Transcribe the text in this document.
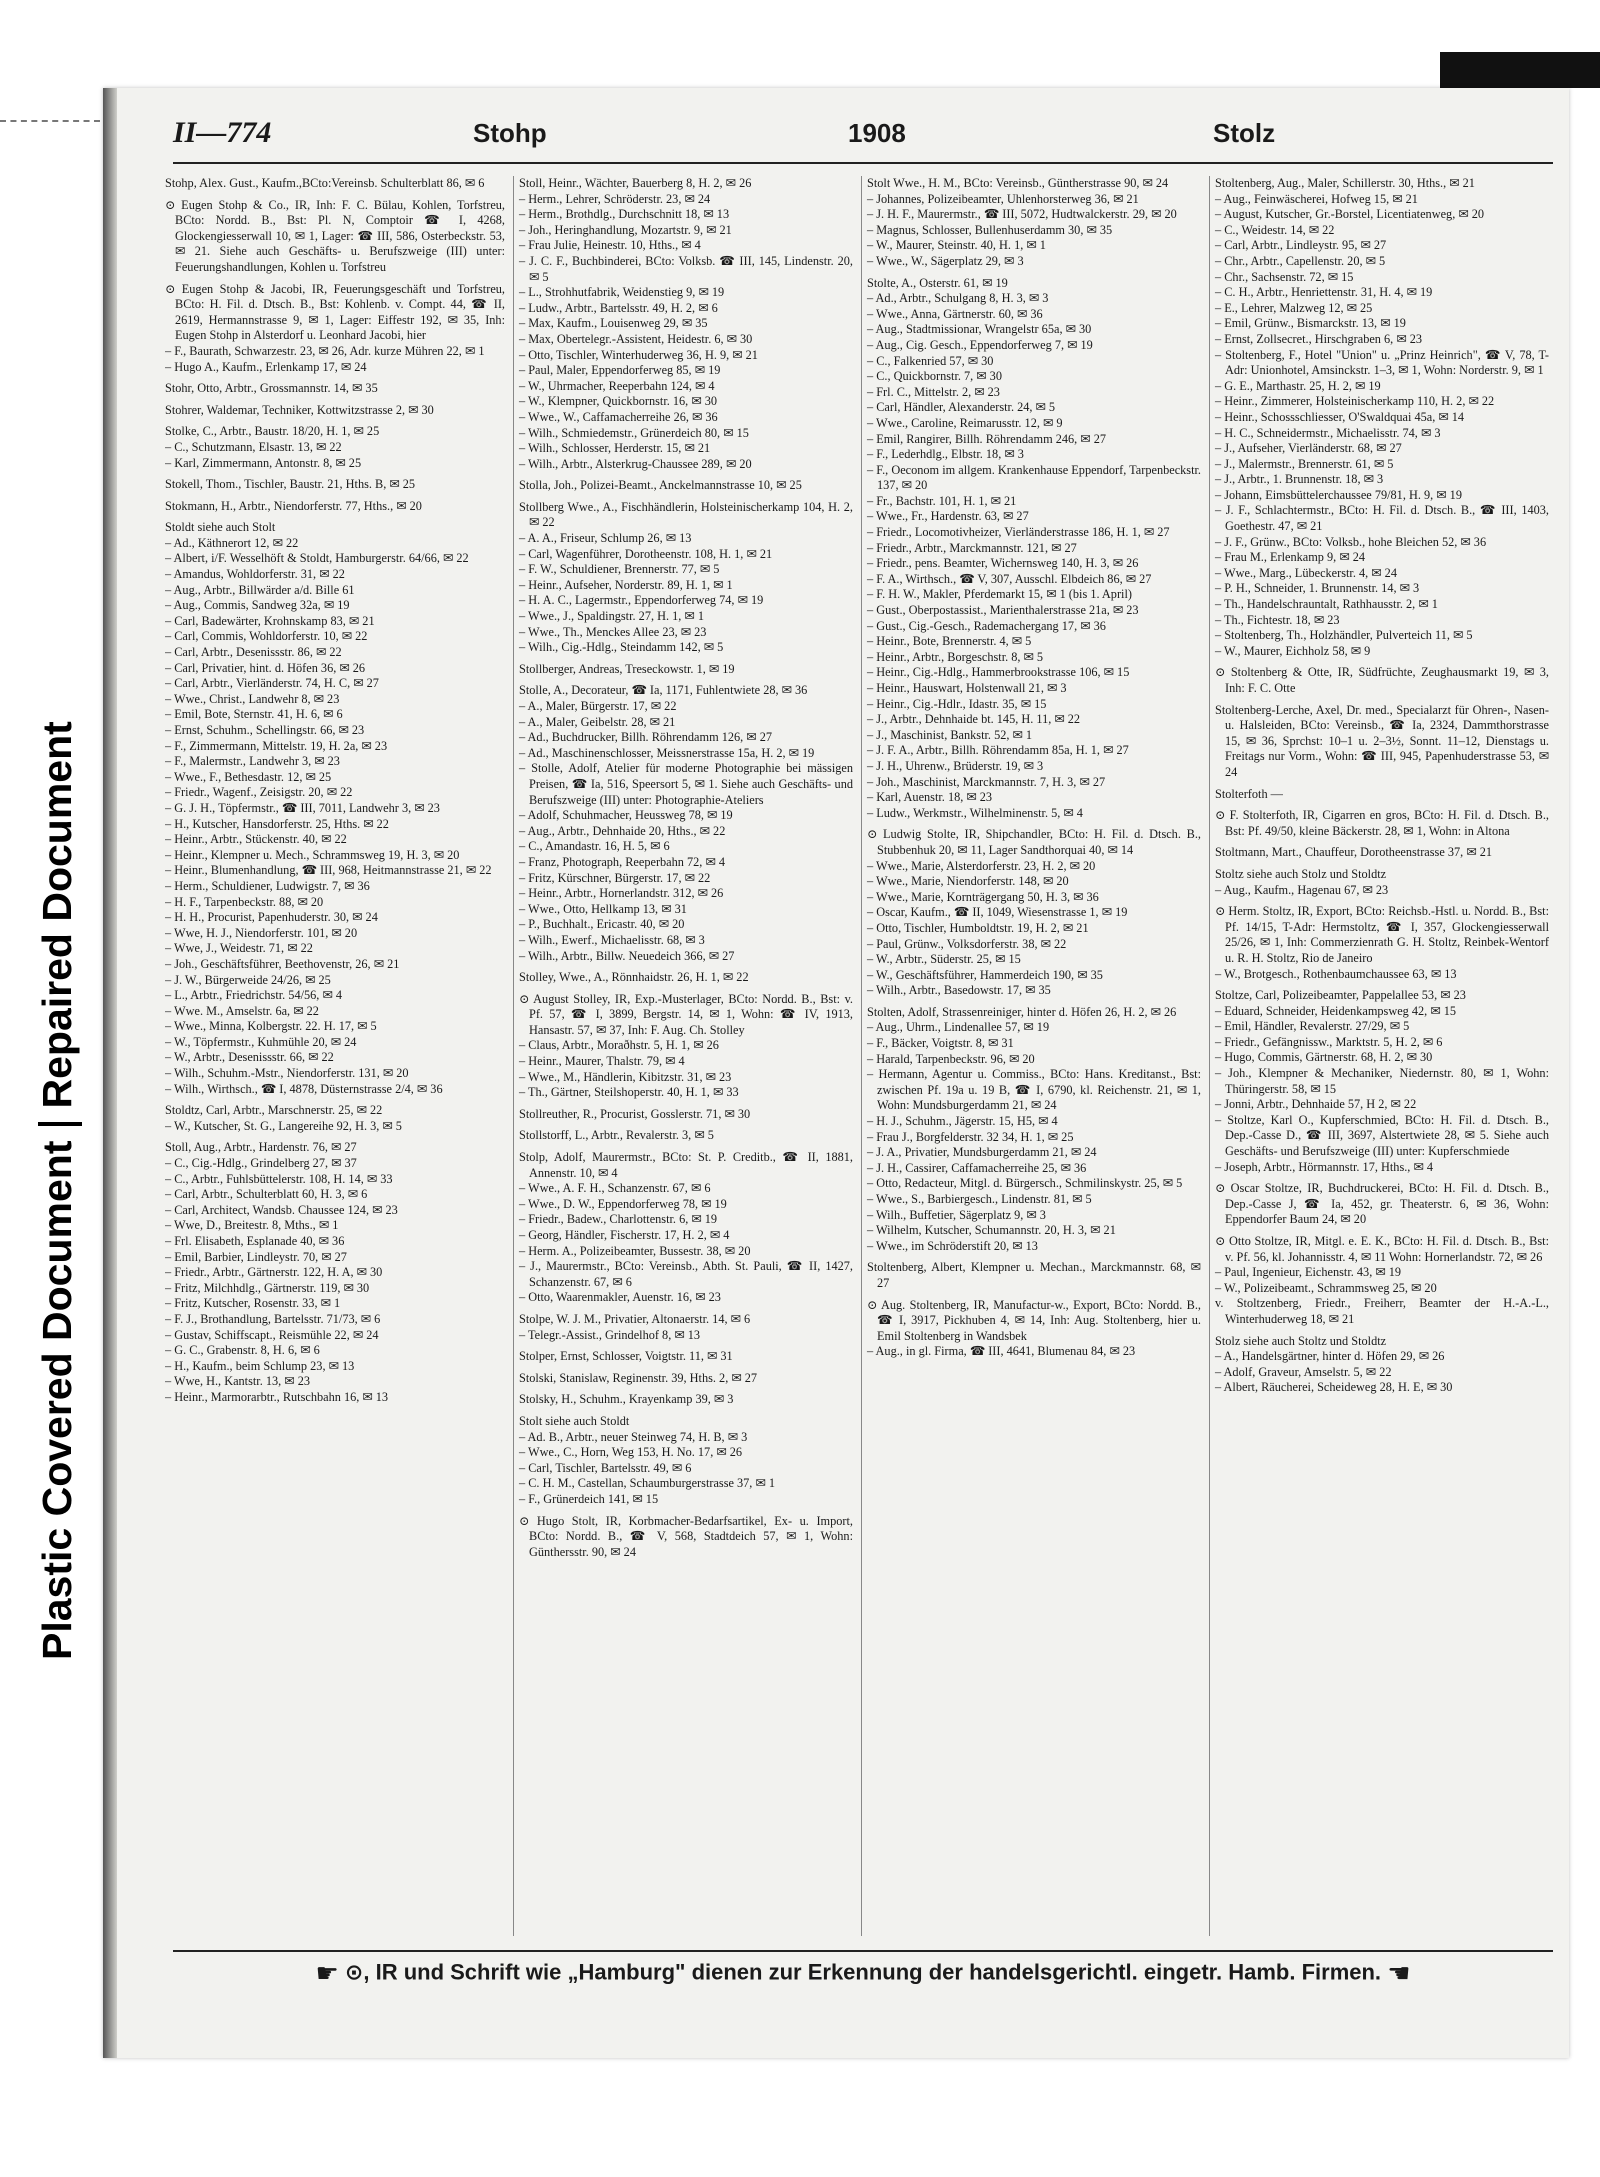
Plastic Covered DocumentRepaired Document
II—774	Stohp	1908	Stolz

Stohp, Alex. Gust., Kaufm.,BCto:Vereinsb. Schulterblatt 86, ✉ 6

⊙ Eugen Stohp & Co., IR, Inh: F. C. Bülau, Kohlen, Torfstreu, BCto: Nordd. B., Bst: Pl. N, Comptoir ☎ I, 4268, Glockengiesserwall 10, ✉ 1, Lager: ☎ III, 586, Osterbeckstr. 53, ✉ 21. Siehe auch Geschäfts- u. Berufszweige (III) unter: Feuerungshandlungen, Kohlen u. Torfstreu

⊙ Eugen Stohp & Jacobi, IR, Feuerungsgeschäft und Torfstreu, BCto: H. Fil. d. Dtsch. B., Bst: Kohlenb. v. Compt. 44, ☎ II, 2619, Hermannstrasse 9, ✉ 1, Lager: Eiffestr 192, ✉ 35, Inh: Eugen Stohp in Alsterdorf u. Leonhard Jacobi, hier

– F., Baurath, Schwarzestr. 23, ✉ 26, Adr. kurze Mühren 22, ✉ 1

– Hugo A., Kaufm., Erlenkamp 17, ✉ 24

Stohr, Otto, Arbtr., Grossmannstr. 14, ✉ 35

Stohrer, Waldemar, Techniker, Kottwitzstrasse 2, ✉ 30

Stolke, C., Arbtr., Baustr. 18/20, H. 1, ✉ 25

– C., Schutzmann, Elsastr. 13, ✉ 22

– Karl, Zimmermann, Antonstr. 8, ✉ 25

Stokell, Thom., Tischler, Baustr. 21, Hths. B, ✉ 25

Stokmann, H., Arbtr., Niendorferstr. 77, Hths., ✉ 20

Stoldt siehe auch Stolt

– Ad., Käthnerort 12, ✉ 22

– Albert, i/F. Wesselhöft & Stoldt, Hamburgerstr. 64/66, ✉ 22

– Amandus, Wohldorferstr. 31, ✉ 22

– Aug., Arbtr., Billwärder a/d. Bille 61

– Aug., Commis, Sandweg 32a, ✉ 19

– Carl, Badewärter, Krohnskamp 83, ✉ 21

– Carl, Commis, Wohldorferstr. 10, ✉ 22

– Carl, Arbtr., Desenissstr. 86, ✉ 22

– Carl, Privatier, hint. d. Höfen 36, ✉ 26

– Carl, Arbtr., Vierländerstr. 74, H. C, ✉ 27

– Wwe., Christ., Landwehr 8, ✉ 23

– Emil, Bote, Sternstr. 41, H. 6, ✉ 6

– Ernst, Schuhm., Schellingstr. 66, ✉ 23

– F., Zimmermann, Mittelstr. 19, H. 2a, ✉ 23

– F., Malermstr., Landwehr 3, ✉ 23

– Wwe., F., Bethesdastr. 12, ✉ 25

– Friedr., Wagenf., Zeisigstr. 20, ✉ 22

– G. J. H., Töpfermstr., ☎ III, 7011, Landwehr 3, ✉ 23

– H., Kutscher, Hansdorferstr. 25, Hths. ✉ 22

– Heinr., Arbtr., Stückenstr. 40, ✉ 22

– Heinr., Klempner u. Mech., Schrammsweg 19, H. 3, ✉ 20

– Heinr., Blumenhandlung, ☎ III, 968, Heitmannstrasse 21, ✉ 22

– Herm., Schuldiener, Ludwigstr. 7, ✉ 36

– H. F., Tarpenbeckstr. 88, ✉ 20

– H. H., Procurist, Papenhuderstr. 30, ✉ 24

– Wwe, H. J., Niendorferstr. 101, ✉ 20

– Wwe, J., Weidestr. 71, ✉ 22

– Joh., Geschäftsführer, Beethovenstr, 26, ✉ 21

– J. W., Bürgerweide 24/26, ✉ 25

– L., Arbtr., Friedrichstr. 54/56, ✉ 4

– Wwe. M., Amselstr. 6a, ✉ 22

– Wwe., Minna, Kolbergstr. 22. H. 17, ✉ 5

– W., Töpfermstr., Kuhmühle 20, ✉ 24

– W., Arbtr., Desenissstr. 66, ✉ 22

– Wilh., Schuhm.-Mstr., Niendorferstr. 131, ✉ 20

– Wilh., Wirthsch., ☎ I, 4878, Düsternstrasse 2/4, ✉ 36

Stoldtz, Carl, Arbtr., Marschnerstr. 25, ✉ 22

– W., Kutscher, St. G., Langereihe 92, H. 3, ✉ 5

Stoll, Aug., Arbtr., Hardenstr. 76, ✉ 27

– C., Cig.-Hdlg., Grindelberg 27, ✉ 37

– C., Arbtr., Fuhlsbüttelerstr. 108, H. 14, ✉ 33

– Carl, Arbtr., Schulterblatt 60, H. 3, ✉ 6

– Carl, Architect, Wandsb. Chaussee 124, ✉ 23

– Wwe, D., Breitestr. 8, Mths., ✉ 1

– Frl. Elisabeth, Esplanade 40, ✉ 36

– Emil, Barbier, Lindleystr. 70, ✉ 27

– Friedr., Arbtr., Gärtnerstr. 122, H. A, ✉ 30

– Fritz, Milchhdlg., Gärtnerstr. 119, ✉ 30

– Fritz, Kutscher, Rosenstr. 33, ✉ 1

– F. J., Brothandlung, Bartelsstr. 71/73, ✉ 6

– Gustav, Schiffscapt., Reismühle 22, ✉ 24

– G. C., Grabenstr. 8, H. 6, ✉ 6

– H., Kaufm., beim Schlump 23, ✉ 13

– Wwe, H., Kantstr. 13, ✉ 23

– Heinr., Marmorarbtr., Rutschbahn 16, ✉ 13

Stoll, Heinr., Wächter, Bauerberg 8, H. 2, ✉ 26

– Herm., Lehrer, Schröderstr. 23, ✉ 24

– Herm., Brothdlg., Durchschnitt 18, ✉ 13

– Joh., Heringhandlung, Mozartstr. 9, ✉ 21

– Frau Julie, Heinestr. 10, Hths., ✉ 4

– J. C. F., Buchbinderei, BCto: Volksb. ☎ III, 145, Lindenstr. 20, ✉ 5

– L., Strohhutfabrik, Weidenstieg 9, ✉ 19

– Ludw., Arbtr., Bartelsstr. 49, H. 2, ✉ 6

– Max, Kaufm., Louisenweg 29, ✉ 35

– Max, Obertelegr.-Assistent, Heidestr. 6, ✉ 30

– Otto, Tischler, Winterhuderweg 36, H. 9, ✉ 21

– Paul, Maler, Eppendorferweg 85, ✉ 19

– W., Uhrmacher, Reeperbahn 124, ✉ 4

– W., Klempner, Quickbornstr. 16, ✉ 30

– Wwe., W., Caffamacherreihe 26, ✉ 36

– Wilh., Schmiedemstr., Grünerdeich 80, ✉ 15

– Wilh., Schlosser, Herderstr. 15, ✉ 21

– Wilh., Arbtr., Alsterkrug-Chaussee 289, ✉ 20

Stolla, Joh., Polizei-Beamt., Anckelmannstrasse 10, ✉ 25

Stollberg Wwe., A., Fischhändlerin, Holsteinischerkamp 104, H. 2, ✉ 22

– A. A., Friseur, Schlump 26, ✉ 13

– Carl, Wagenführer, Dorotheenstr. 108, H. 1, ✉ 21

– F. W., Schuldiener, Brennerstr. 77, ✉ 5

– Heinr., Aufseher, Norderstr. 89, H. 1, ✉ 1

– H. A. C., Lagermstr., Eppendorferweg 74, ✉ 19

– Wwe., J., Spaldingstr. 27, H. 1, ✉ 1

– Wwe., Th., Menckes Allee 23, ✉ 23

– Wilh., Cig.-Hdlg., Steindamm 142, ✉ 5

Stollberger, Andreas, Treseckowstr. 1, ✉ 19

Stolle, A., Decorateur, ☎ Ia, 1171, Fuhlentwiete 28, ✉ 36

– A., Maler, Bürgerstr. 17, ✉ 22

– A., Maler, Geibelstr. 28, ✉ 21

– Ad., Buchdrucker, Billh. Röhrendamm 126, ✉ 27

– Ad., Maschinenschlosser, Meissnerstrasse 15a, H. 2, ✉ 19

– Stolle, Adolf, Atelier für moderne Photographie bei mässigen Preisen, ☎ Ia, 516, Speersort 5, ✉ 1. Siehe auch Geschäfts- und Berufszweige (III) unter: Photographie-Ateliers

– Adolf, Schuhmacher, Heussweg 78, ✉ 19

– Aug., Arbtr., Dehnhaide 20, Hths., ✉ 22

– C., Amandastr. 16, H. 5, ✉ 6

– Franz, Photograph, Reeperbahn 72, ✉ 4

– Fritz, Kürschner, Bürgerstr. 17, ✉ 22

– Heinr., Arbtr., Hornerlandstr. 312, ✉ 26

– Wwe., Otto, Hellkamp 13, ✉ 31

– P., Buchhalt., Ericastr. 40, ✉ 20

– Wilh., Ewerf., Michaelisstr. 68, ✉ 3

– Wilh., Arbtr., Billw. Neuedeich 366, ✉ 27

Stolley, Wwe., A., Rönnhaidstr. 26, H. 1, ✉ 22

⊙ August Stolley, IR, Exp.-Musterlager, BCto: Nordd. B., Bst: v. Pf. 57, ☎ I, 3899, Bergstr. 14, ✉ 1, Wohn: ☎ IV, 1913, Hansastr. 57, ✉ 37, Inh: F. Aug. Ch. Stolley

– Claus, Arbtr., Moraðhstr. 5, H. 1, ✉ 26

– Heinr., Maurer, Thalstr. 79, ✉ 4

– Wwe., M., Händlerin, Kibitzstr. 31, ✉ 23

– Th., Gärtner, Steilshoperstr. 40, H. 1, ✉ 33

Stollreuther, R., Procurist, Gosslerstr. 71, ✉ 30

Stollstorff, L., Arbtr., Revalerstr. 3, ✉ 5

Stolp, Adolf, Maurermstr., BCto: St. P. Creditb., ☎ II, 1881, Annenstr. 10, ✉ 4

– Wwe., A. F. H., Schanzenstr. 67, ✉ 6

– Wwe., D. W., Eppendorferweg 78, ✉ 19

– Friedr., Badew., Charlottenstr. 6, ✉ 19

– Georg, Händler, Fischerstr. 17, H. 2, ✉ 4

– Herm. A., Polizeibeamter, Bussestr. 38, ✉ 20

– J., Maurermstr., BCto: Vereinsb., Abth. St. Pauli, ☎ II, 1427, Schanzenstr. 67, ✉ 6

– Otto, Waarenmakler, Auenstr. 16, ✉ 23

Stolpe, W. J. M., Privatier, Altonaerstr. 14, ✉ 6

– Telegr.-Assist., Grindelhof 8, ✉ 13

Stolper, Ernst, Schlosser, Voigtstr. 11, ✉ 31

Stolski, Stanislaw, Reginenstr. 39, Hths. 2, ✉ 27

Stolsky, H., Schuhm., Krayenkamp 39, ✉ 3

Stolt siehe auch Stoldt

– Ad. B., Arbtr., neuer Steinweg 74, H. B, ✉ 3

– Wwe., C., Horn, Weg 153, H. No. 17, ✉ 26

– Carl, Tischler, Bartelsstr. 49, ✉ 6

– C. H. M., Castellan, Schaumburgerstrasse 37, ✉ 1

– F., Grünerdeich 141, ✉ 15

⊙ Hugo Stolt, IR, Korbmacher-Bedarfsartikel, Ex- u. Import, BCto: Nordd. B., ☎ V, 568, Stadtdeich 57, ✉ 1, Wohn: Günthersstr. 90, ✉ 24

Stolt Wwe., H. M., BCto: Vereinsb., Güntherstrasse 90, ✉ 24

– Johannes, Polizeibeamter, Uhlenhorsterweg 36, ✉ 21

– J. H. F., Maurermstr., ☎ III, 5072, Hudtwalckerstr. 29, ✉ 20

– Magnus, Schlosser, Bullenhuserdamm 30, ✉ 35

– W., Maurer, Steinstr. 40, H. 1, ✉ 1

– Wwe., W., Sägerplatz 29, ✉ 3

Stolte, A., Osterstr. 61, ✉ 19

– Ad., Arbtr., Schulgang 8, H. 3, ✉ 3

– Wwe., Anna, Gärtnerstr. 60, ✉ 36

– Aug., Stadtmissionar, Wrangelstr 65a, ✉ 30

– Aug., Cig. Gesch., Eppendorferweg 7, ✉ 19

– C., Falkenried 57, ✉ 30

– C., Quickbornstr. 7, ✉ 30

– Frl. C., Mittelstr. 2, ✉ 23

– Carl, Händler, Alexanderstr. 24, ✉ 5

– Wwe., Caroline, Reimarusstr. 12, ✉ 9

– Emil, Rangirer, Billh. Röhrendamm 246, ✉ 27

– F., Lederhdlg., Elbstr. 18, ✉ 3

– F., Oeconom im allgem. Krankenhause Eppendorf, Tarpenbeckstr. 137, ✉ 20

– Fr., Bachstr. 101, H. 1, ✉ 21

– Wwe., Fr., Hardenstr. 63, ✉ 27

– Friedr., Locomotivheizer, Vierländerstrasse 186, H. 1, ✉ 27

– Friedr., Arbtr., Marckmannstr. 121, ✉ 27

– Friedr., pens. Beamter, Wichernsweg 140, H. 3, ✉ 26

– F. A., Wirthsch., ☎ V, 307, Ausschl. Elbdeich 86, ✉ 27

– F. H. W., Makler, Pferdemarkt 15, ✉ 1 (bis 1. April)

– Gust., Oberpostassist., Marienthalerstrasse 21a, ✉ 23

– Gust., Cig.-Gesch., Rademachergang 17, ✉ 36

– Heinr., Bote, Brennerstr. 4, ✉ 5

– Heinr., Arbtr., Borgeschstr. 8, ✉ 5

– Heinr., Cig.-Hdlg., Hammerbrookstrasse 106, ✉ 15

– Heinr., Hauswart, Holstenwall 21, ✉ 3

– Heinr., Cig.-Hdlr., Idastr. 35, ✉ 15

– J., Arbtr., Dehnhaide bt. 145, H. 11, ✉ 22

– J., Maschinist, Bankstr. 52, ✉ 1

– J. F. A., Arbtr., Billh. Röhrendamm 85a, H. 1, ✉ 27

– J. H., Uhrenw., Brüderstr. 19, ✉ 3

– Joh., Maschinist, Marckmannstr. 7, H. 3, ✉ 27

– Karl, Auenstr. 18, ✉ 23

– Ludw., Werkmstr., Wilhelminenstr. 5, ✉ 4

⊙ Ludwig Stolte, IR, Shipchandler, BCto: H. Fil. d. Dtsch. B., Stubbenhuk 20, ✉ 11, Lager Sandthorquai 40, ✉ 14

– Wwe., Marie, Alsterdorferstr. 23, H. 2, ✉ 20

– Wwe., Marie, Niendorferstr. 148, ✉ 20

– Wwe., Marie, Kornträgergang 50, H. 3, ✉ 36

– Oscar, Kaufm., ☎ II, 1049, Wiesenstrasse 1, ✉ 19

– Otto, Tischler, Humboldtstr. 19, H. 2, ✉ 21

– Paul, Grünw., Volksdorferstr. 38, ✉ 22

– W., Arbtr., Süderstr. 25, ✉ 15

– W., Geschäftsführer, Hammerdeich 190, ✉ 35

– Wilh., Arbtr., Basedowstr. 17, ✉ 35

Stolten, Adolf, Strassenreiniger, hinter d. Höfen 26, H. 2, ✉ 26

– Aug., Uhrm., Lindenallee 57, ✉ 19

– F., Bäcker, Voigtstr. 8, ✉ 31

– Harald, Tarpenbeckstr. 96, ✉ 20

– Hermann, Agentur u. Commiss., BCto: Hans. Kreditanst., Bst: zwischen Pf. 19a u. 19 B, ☎ I, 6790, kl. Reichenstr. 21, ✉ 1, Wohn: Mundsburgerdamm 21, ✉ 24

– H. J., Schuhm., Jägerstr. 15, H5, ✉ 4

– Frau J., Borgfelderstr. 32 34, H. 1, ✉ 25

– J. A., Privatier, Mundsburgerdamm 21, ✉ 24

– J. H., Cassirer, Caffamacherreihe 25, ✉ 36

– Otto, Redacteur, Mitgl. d. Bürgersch., Schmilinskystr. 25, ✉ 5

– Wwe., S., Barbiergesch., Lindenstr. 81, ✉ 5

– Wilh., Buffetier, Sägerplatz 9, ✉ 3

– Wilhelm, Kutscher, Schumannstr. 20, H. 3, ✉ 21

– Wwe., im Schröderstift 20, ✉ 13

Stoltenberg, Albert, Klempner u. Mechan., Marckmannstr. 68, ✉ 27

⊙ Aug. Stoltenberg, IR, Manufactur-w., Export, BCto: Nordd. B., ☎ I, 3917, Pickhuben 4, ✉ 14, Inh: Aug. Stoltenberg, hier u. Emil Stoltenberg in Wandsbek

– Aug., in gl. Firma, ☎ III, 4641, Blumenau 84, ✉ 23

Stoltenberg, Aug., Maler, Schillerstr. 30, Hths., ✉ 21

– Aug., Feinwäscherei, Hofweg 15, ✉ 21

– August, Kutscher, Gr.-Borstel, Licentiatenweg, ✉ 20

– C., Weidestr. 14, ✉ 22

– Carl, Arbtr., Lindleystr. 95, ✉ 27

– Chr., Arbtr., Capellenstr. 20, ✉ 5

– Chr., Sachsenstr. 72, ✉ 15

– C. H., Arbtr., Henriettenstr. 31, H. 4, ✉ 19

– E., Lehrer, Malzweg 12, ✉ 25

– Emil, Grünw., Bismarckstr. 13, ✉ 19

– Ernst, Zollsecret., Hirschgraben 6, ✉ 23

– Stoltenberg, F., Hotel "Union" u. „Prinz Heinrich", ☎ V, 78, T-Adr: Unionhotel, Amsinckstr. 1–3, ✉ 1, Wohn: Norderstr. 9, ✉ 1

– G. E., Marthastr. 25, H. 2, ✉ 19

– Heinr., Zimmerer, Holsteinischerkamp 110, H. 2, ✉ 22

– Heinr., Schossschliesser, O'Swaldquai 45a, ✉ 14

– H. C., Schneidermstr., Michaelisstr. 74, ✉ 3

– J., Aufseher, Vierländerstr. 68, ✉ 27

– J., Malermstr., Brennerstr. 61, ✉ 5

– J., Arbtr., 1. Brunnenstr. 18, ✉ 3

– Johann, Eimsbüttelerchaussee 79/81, H. 9, ✉ 19

– J. F., Schlachtermstr., BCto: H. Fil. d. Dtsch. B., ☎ III, 1403, Goethestr. 47, ✉ 21

– J. F., Grünw., BCto: Volksb., hohe Bleichen 52, ✉ 36

– Frau M., Erlenkamp 9, ✉ 24

– Wwe., Marg., Lübeckerstr. 4, ✉ 24

– P. H., Schneider, 1. Brunnenstr. 14, ✉ 3

– Th., Handelschrauntalt, Rathhausstr. 2, ✉ 1

– Th., Fichtestr. 18, ✉ 23

– Stoltenberg, Th., Holzhändler, Pulverteich 11, ✉ 5

– W., Maurer, Eichholz 58, ✉ 9

⊙ Stoltenberg & Otte, IR, Südfrüchte, Zeughausmarkt 19, ✉ 3, Inh: F. C. Otte

Stoltenberg-Lerche, Axel, Dr. med., Specialarzt für Ohren-, Nasen- u. Halsleiden, BCto: Vereinsb., ☎ Ia, 2324, Dammthorstrasse 15, ✉ 36, Sprchst: 10–1 u. 2–3½, Sonnt. 11–12, Dienstags u. Freitags nur Vorm., Wohn: ☎ III, 945, Papenhuderstrasse 53, ✉ 24

Stolterfoth —

⊙ F. Stolterfoth, IR, Cigarren en gros, BCto: H. Fil. d. Dtsch. B., Bst: Pf. 49/50, kleine Bäckerstr. 28, ✉ 1, Wohn: in Altona

Stoltmann, Mart., Chauffeur, Dorotheenstrasse 37, ✉ 21

Stoltz siehe auch Stolz und Stoldtz

– Aug., Kaufm., Hagenau 67, ✉ 23

⊙ Herm. Stoltz, IR, Export, BCto: Reichsb.-Hstl. u. Nordd. B., Bst: Pf. 14/15, T-Adr: Hermstoltz, ☎ I, 357, Glockengiesserwall 25/26, ✉ 1, Inh: Commerzienrath G. H. Stoltz, Reinbek-Wentorf u. R. H. Stoltz, Rio de Janeiro

– W., Brotgesch., Rothenbaumchaussee 63, ✉ 13

Stoltze, Carl, Polizeibeamter, Pappelallee 53, ✉ 23

– Eduard, Schneider, Heidenkampsweg 42, ✉ 15

– Emil, Händler, Revalerstr. 27/29, ✉ 5

– Friedr., Gefängnissw., Marktstr. 5, H. 2, ✉ 6

– Hugo, Commis, Gärtnerstr. 68, H. 2, ✉ 30

– Joh., Klempner & Mechaniker, Niedernstr. 80, ✉ 1, Wohn: Thüringerstr. 58, ✉ 15

– Jonni, Arbtr., Dehnhaide 57, H 2, ✉ 22

– Stoltze, Karl O., Kupferschmied, BCto: H. Fil. d. Dtsch. B., Dep.-Casse D., ☎ III, 3697, Alstertwiete 28, ✉ 5. Siehe auch Geschäfts- und Berufszweige (III) unter: Kupferschmiede

– Joseph, Arbtr., Hörmannstr. 17, Hths., ✉ 4

⊙ Oscar Stoltze, IR, Buchdruckerei, BCto: H. Fil. d. Dtsch. B., Dep.-Casse J, ☎ Ia, 452, gr. Theaterstr. 6, ✉ 36, Wohn: Eppendorfer Baum 24, ✉ 20

⊙ Otto Stoltze, IR, Mitgl. e. E. K., BCto: H. Fil. d. Dtsch. B., Bst: v. Pf. 56, kl. Johannisstr. 4, ✉ 11 Wohn: Hornerlandstr. 72, ✉ 26

– Paul, Ingenieur, Eichenstr. 43, ✉ 19

– W., Polizeibeamt., Schrammsweg 25, ✉ 20

v. Stoltzenberg, Friedr., Freiherr, Beamter der H.-A.-L., Winterhuderweg 18, ✉ 21

Stolz siehe auch Stoltz und Stoldtz

– A., Handelsgärtner, hinter d. Höfen 29, ✉ 26

– Adolf, Graveur, Amselstr. 5, ✉ 22

– Albert, Räucherei, Scheideweg 28, H. E, ✉ 30

☛ ⊙, IR und Schrift wie „Hamburg" dienen zur Erkennung der handelsgerichtl. eingetr. Hamb. Firmen. ☚
